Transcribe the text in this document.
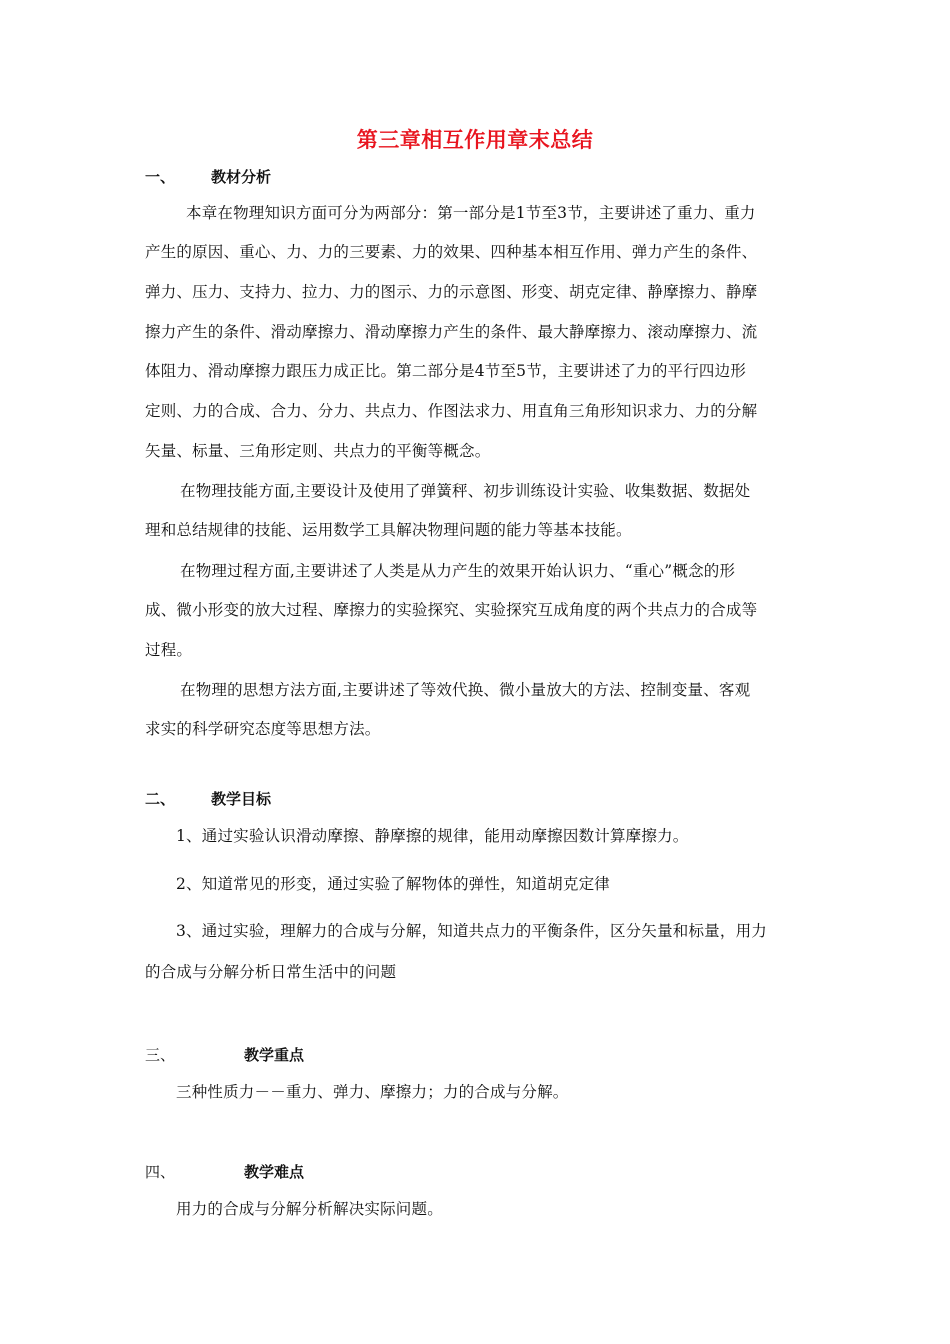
第三章相互作用章末总结
一、 教材分析
本章在物理知识方面可分为两部分：第一部分是1节至3节，主要讲述了重力、重力
产生的原因、重心、力、力的三要素、力的效果、四种基本相互作用、弹力产生的条件、
弹力、压力、支持力、拉力、力的图示、力的示意图、形变、胡克定律、静摩擦力、静摩
擦力产生的条件、滑动摩擦力、滑动摩擦力产生的条件、最大静摩擦力、滚动摩擦力、流
体阻力、滑动摩擦力跟压力成正比。第二部分是4节至5节，主要讲述了力的平行四边形
定则、力的合成、合力、分力、共点力、作图法求力、用直角三角形知识求力、力的分解
矢量、标量、三角形定则、共点力的平衡等概念。
在物理技能方面,主要设计及使用了弹簧秤、初步训练设计实验、收集数据、数据处
理和总结规律的技能、运用数学工具解决物理问题的能力等基本技能。
在物理过程方面,主要讲述了人类是从力产生的效果开始认识力、“重心”概念的形
成、微小形变的放大过程、摩擦力的实验探究、实验探究互成角度的两个共点力的合成等
过程。
在物理的思想方法方面,主要讲述了等效代换、微小量放大的方法、控制变量、客观
求实的科学研究态度等思想方法。
二、 教学目标
1、通过实验认识滑动摩擦、静摩擦的规律，能用动摩擦因数计算摩擦力。
2、知道常见的形变，通过实验了解物体的弹性，知道胡克定律
3、通过实验，理解力的合成与分解，知道共点力的平衡条件，区分矢量和标量，用力
的合成与分解分析日常生活中的问题
三、	教学重点
三种性质力－－重力、弹力、摩擦力；力的合成与分解。
四、	教学难点
用力的合成与分解分析解决实际问题。
